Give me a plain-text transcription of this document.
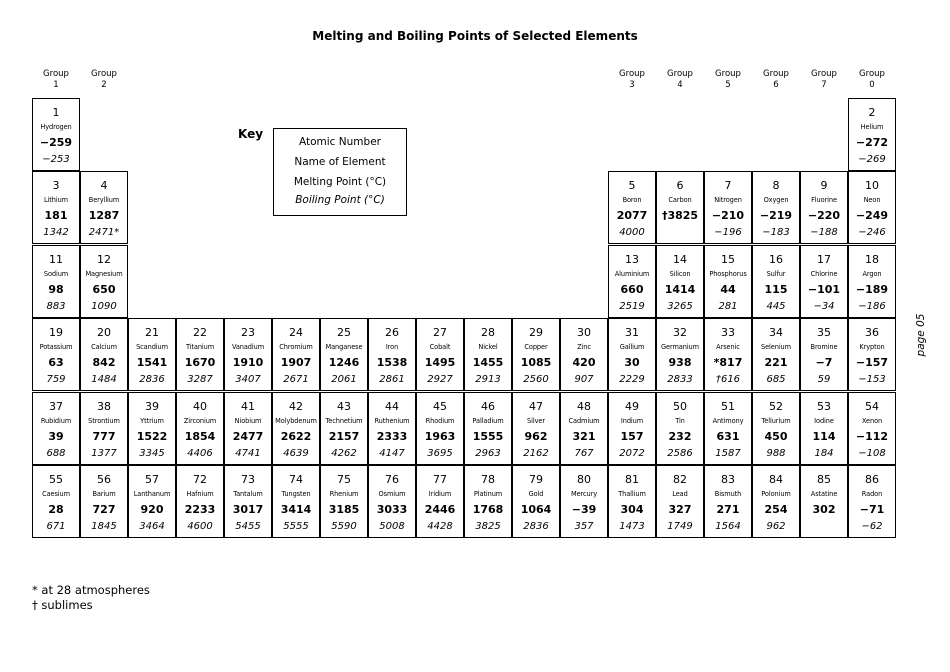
Melting and Boiling Points of Selected Elements
Group
1
Group
2
Group
3
Group
4
Group
5
Group
6
Group
7
Group
0
Key
Atomic Number
Name of Element
Melting Point (°C)
Boiling Point (°C)
1
Hydrogen
−259
−253
2
Helium
−272
−269
3
Lithium
181
1342
4
Beryllium
1287
2471*
5
Boron
2077
4000
6
Carbon
†3825
7
Nitrogen
−210
−196
8
Oxygen
−219
−183
9
Fluorine
−220
−188
10
Neon
−249
−246
11
Sodium
98
883
12
Magnesium
650
1090
13
Aluminium
660
2519
14
Silicon
1414
3265
15
Phosphorus
44
281
16
Sulfur
115
445
17
Chlorine
−101
−34
18
Argon
−189
−186
19
Potassium
63
759
20
Calcium
842
1484
21
Scandium
1541
2836
22
Titanium
1670
3287
23
Vanadium
1910
3407
24
Chromium
1907
2671
25
Manganese
1246
2061
26
Iron
1538
2861
27
Cobalt
1495
2927
28
Nickel
1455
2913
29
Copper
1085
2560
30
Zinc
420
907
31
Gallium
30
2229
32
Germanium
938
2833
33
Arsenic
*817
†616
34
Selenium
221
685
35
Bromine
−7
59
36
Krypton
−157
−153
37
Rubidium
39
688
38
Strontium
777
1377
39
Yttrium
1522
3345
40
Zirconium
1854
4406
41
Niobium
2477
4741
42
Molybdenum
2622
4639
43
Technetium
2157
4262
44
Ruthenium
2333
4147
45
Rhodium
1963
3695
46
Palladium
1555
2963
47
Silver
962
2162
48
Cadmium
321
767
49
Indium
157
2072
50
Tin
232
2586
51
Antimony
631
1587
52
Tellurium
450
988
53
Iodine
114
184
54
Xenon
−112
−108
55
Caesium
28
671
56
Barium
727
1845
57
Lanthanum
920
3464
72
Hafnium
2233
4600
73
Tantalum
3017
5455
74
Tungsten
3414
5555
75
Rhenium
3185
5590
76
Osmium
3033
5008
77
Iridium
2446
4428
78
Platinum
1768
3825
79
Gold
1064
2836
80
Mercury
−39
357
81
Thallium
304
1473
82
Lead
327
1749
83
Bismuth
271
1564
84
Polonium
254
962
85
Astatine
302
86
Radon
−71
−62
* at 28 atmospheres
† sublimes
page 05
